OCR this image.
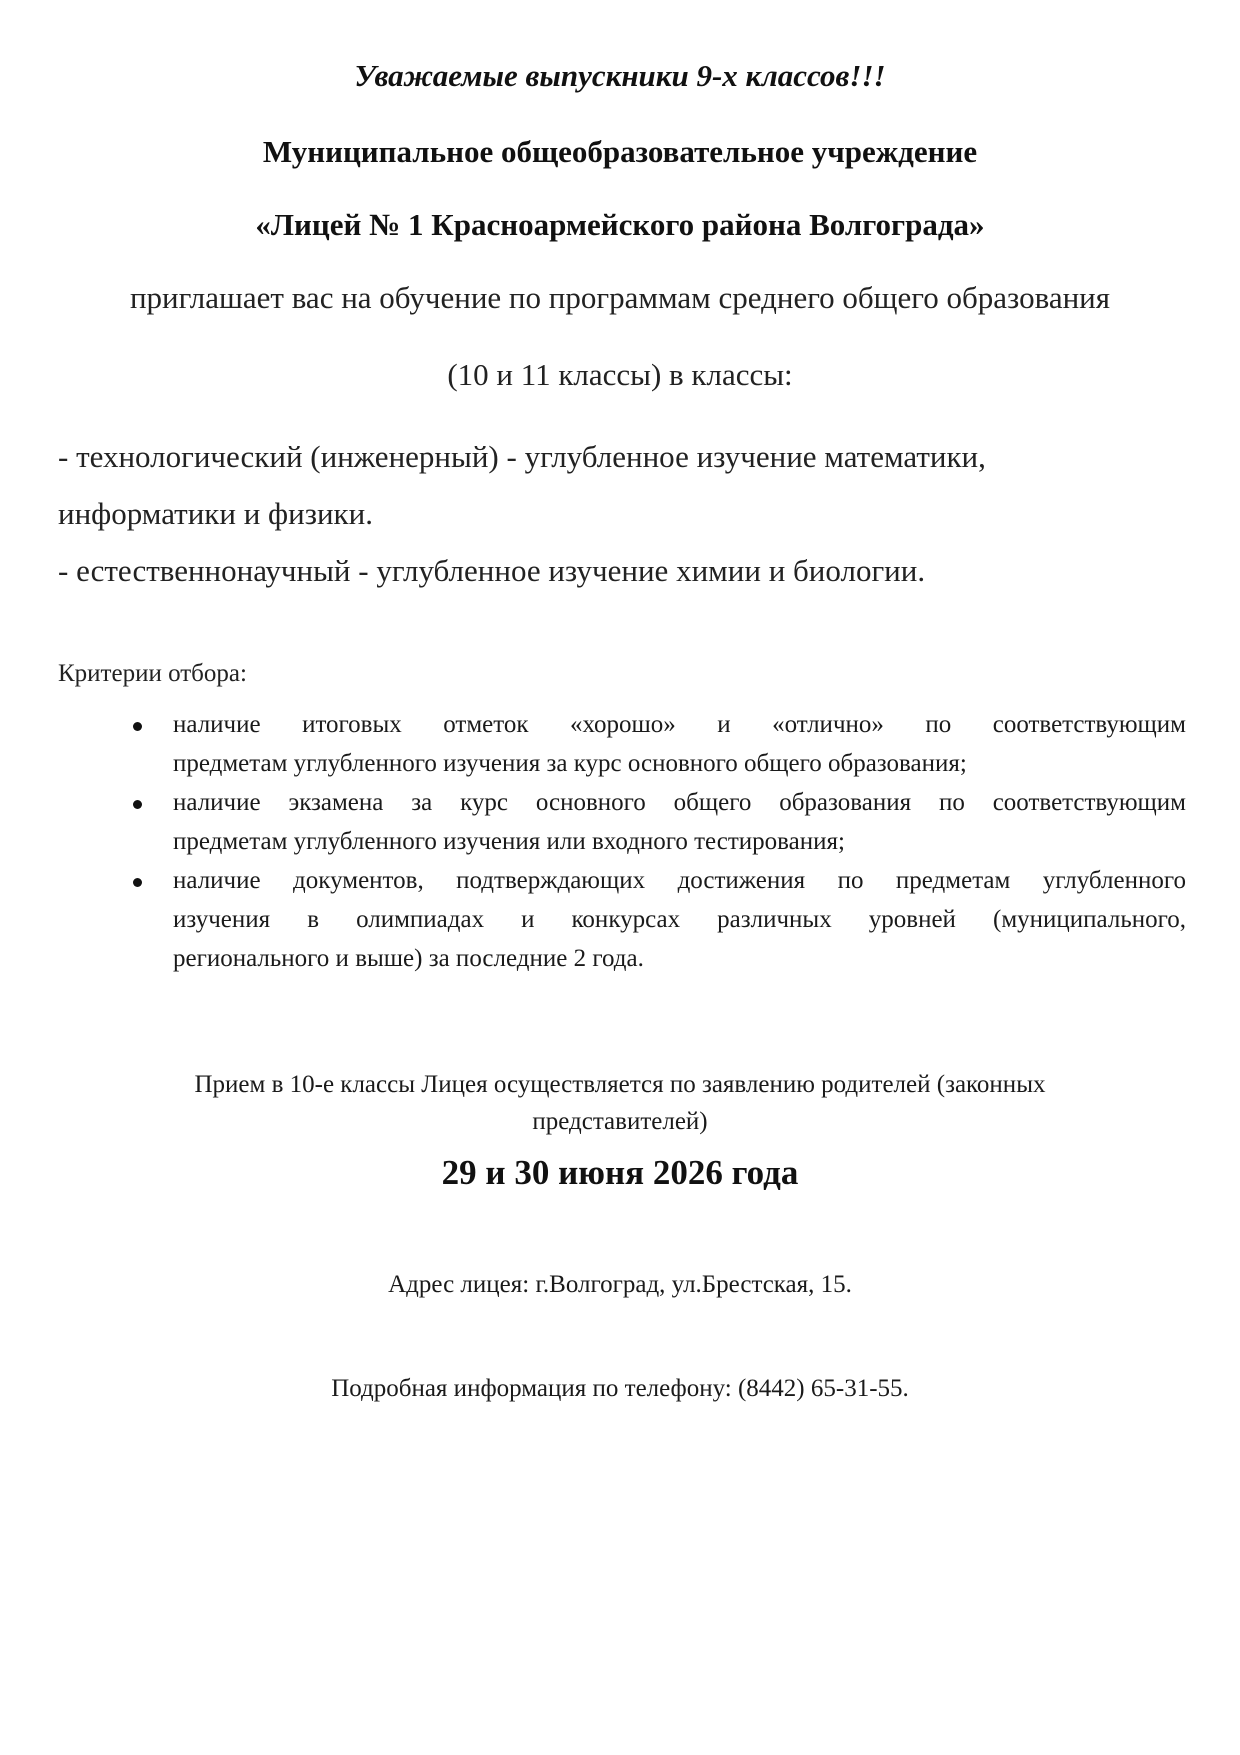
Уважаемые выпускники 9-х классов!!!
Муниципальное общеобразовательное учреждение
«Лицей № 1 Красноармейского района Волгограда»
приглашает вас на обучение по программам среднего общего образования
(10 и 11 классы) в классы:
- технологический (инженерный) - углубленное изучение математики,
информатики и физики.
- естественнонаучный - углубленное изучение химии и биологии.
Критерии отбора:
наличие итоговых отметок «хорошо» и «отлично» по соответствующим
предметам углубленного изучения за курс основного общего образования;
наличие экзамена за курс основного общего образования по соответствующим
предметам углубленного изучения или входного тестирования;
наличие документов, подтверждающих достижения по предметам углубленного
изучения в олимпиадах и конкурсах различных уровней (муниципального,
регионального и выше) за последние 2 года.
Прием в 10-е классы Лицея осуществляется по заявлению родителей (законных
представителей)
29 и 30 июня 2026 года
Адрес лицея: г.Волгоград, ул.Брестская, 15.
Подробная информация по телефону: (8442) 65-31-55.
